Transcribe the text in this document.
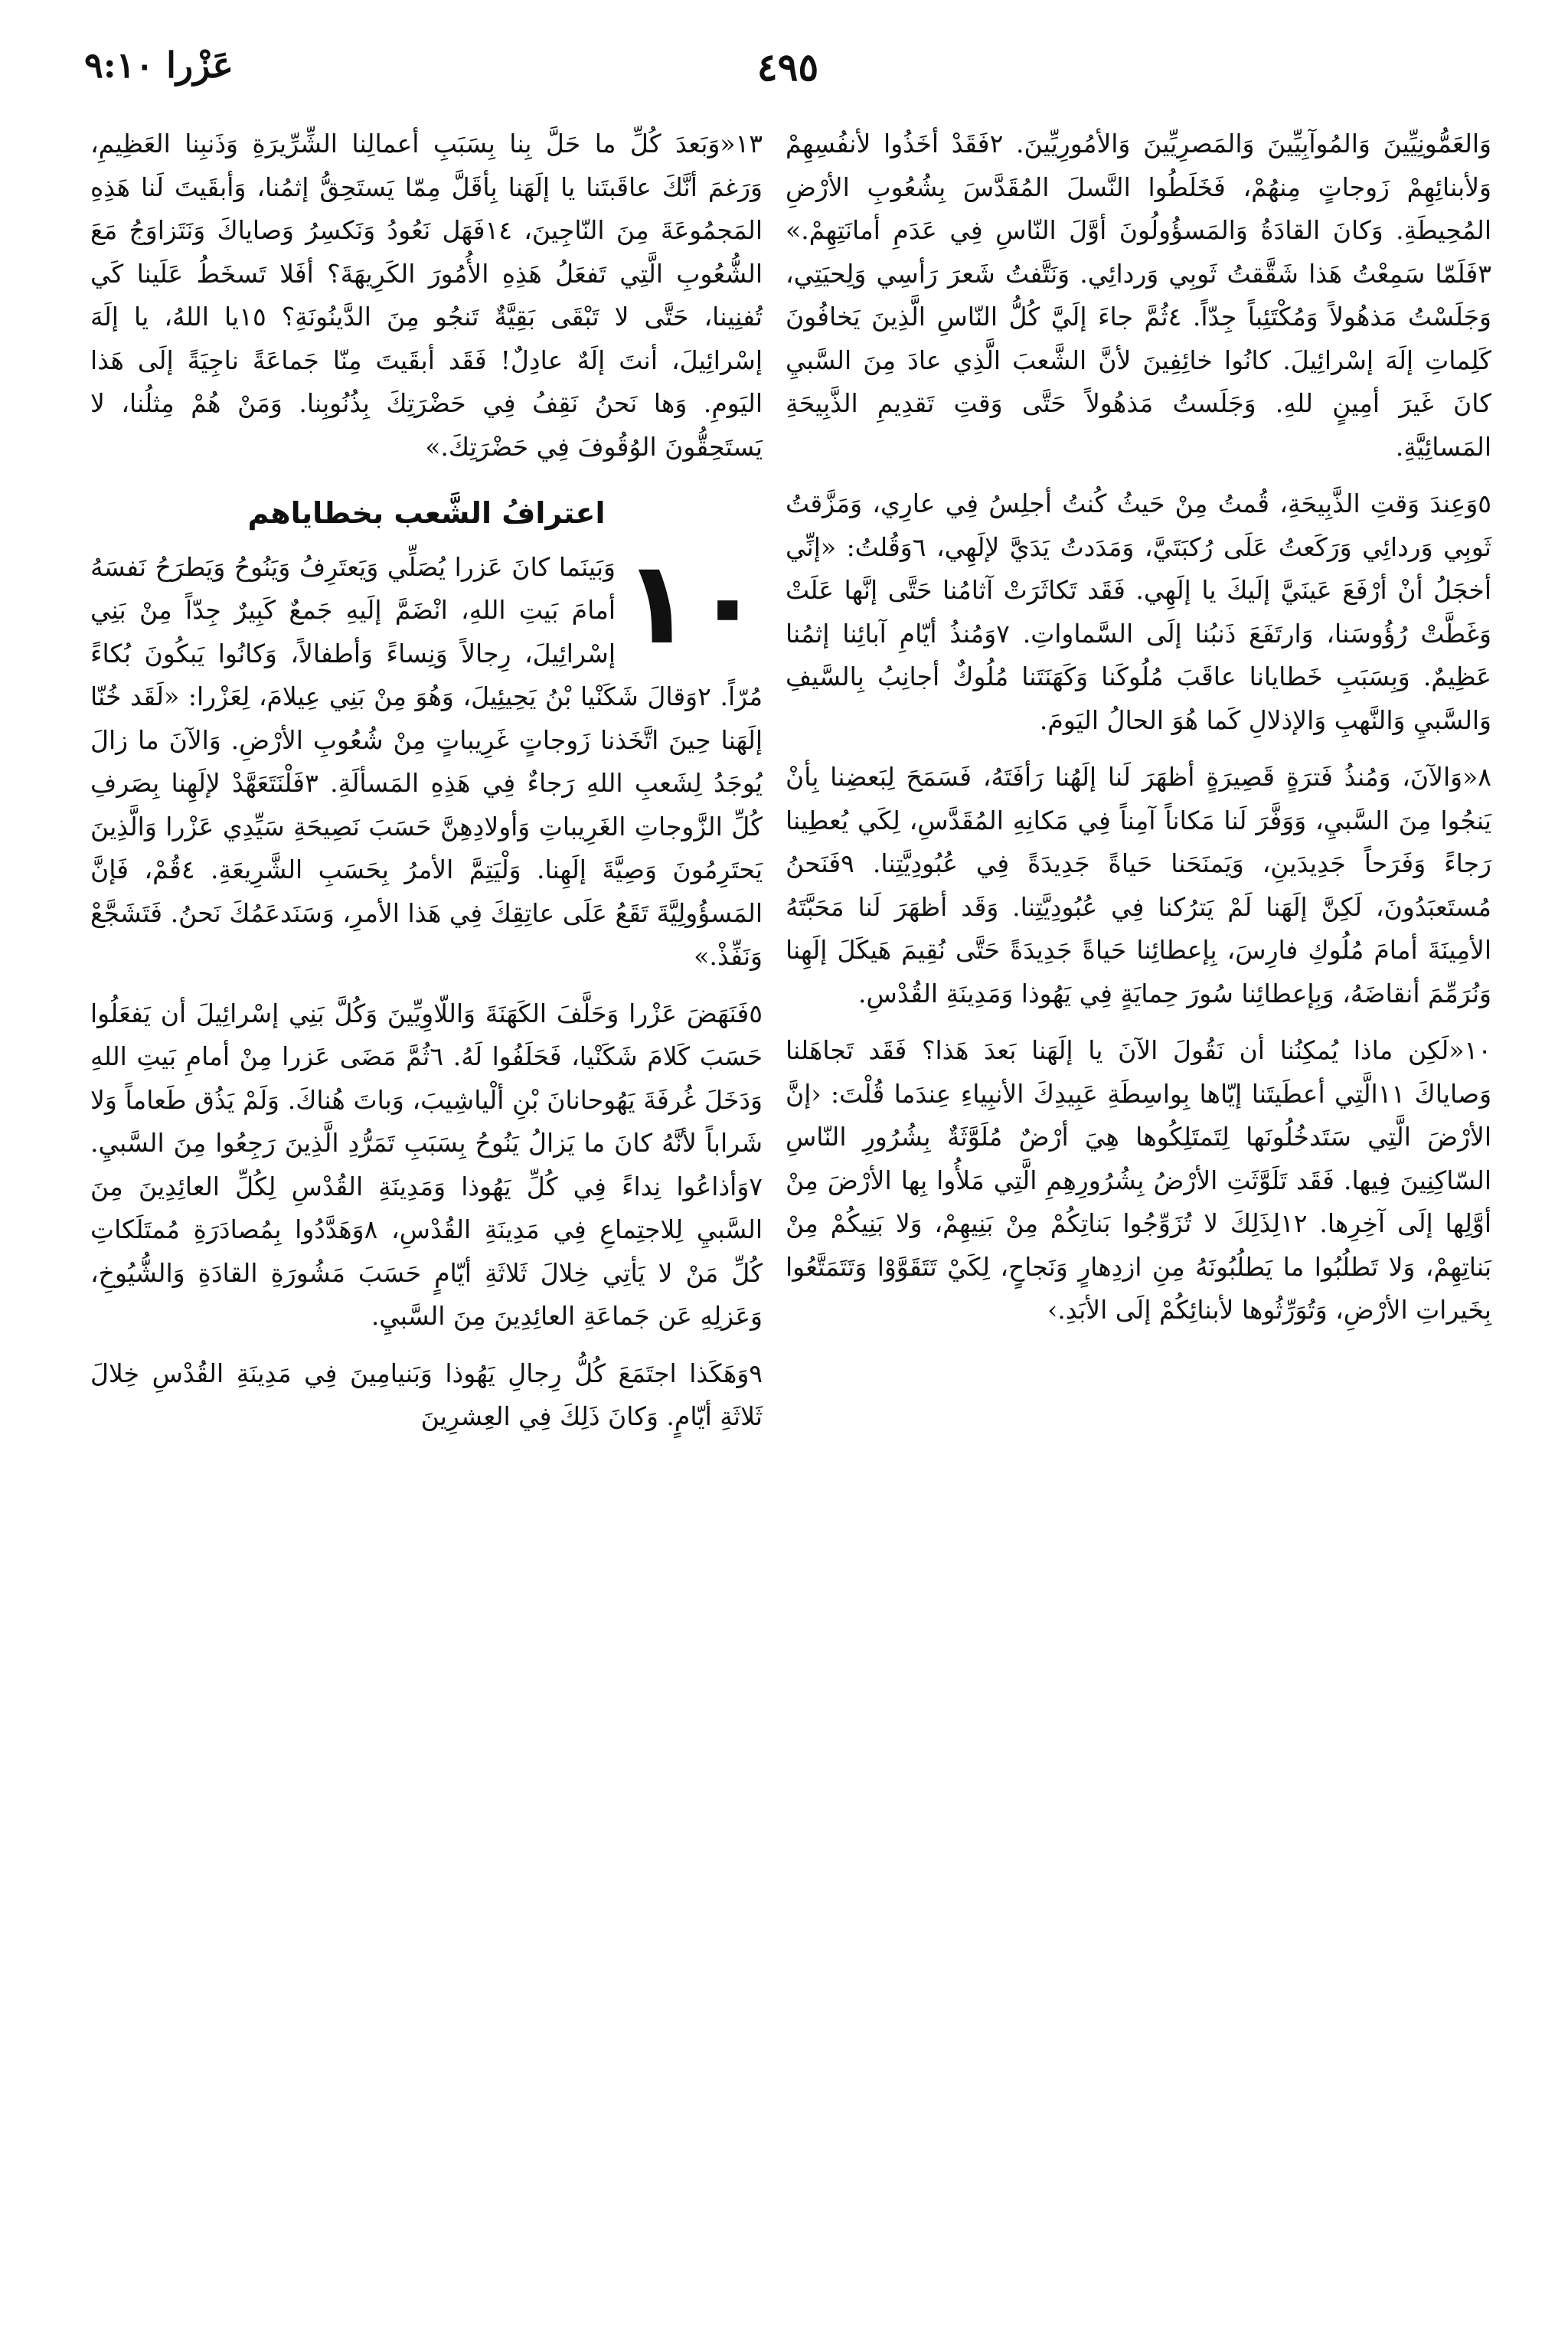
عَزْرا ٩:١٠	٤٩٥

وَالعَمُّونِيِّينَ وَالمُوآبِيِّينَ وَالمَصرِيِّينَ وَالأمُورِيِّينَ. ٢فَقَدْ أخَذُوا لأنفُسِهِمْ وَلأبنائِهِمْ زَوجاتٍ مِنهُمْ، فَخَلَطُوا النَّسلَ المُقَدَّسَ بِشُعُوبِ الأرْضِ المُحِيطَةِ. وَكانَ القادَةُ وَالمَسؤُولُونَ أوَّلَ النّاسِ فِي عَدَمِ أمانَتِهِمْ.» ٣فَلَمّا سَمِعْتُ هَذا شَقَّقتُ ثَوبِي وَردائِي. وَنَتَّفتُ شَعرَ رَأسِي وَلِحيَتِي، وَجَلَسْتُ مَذهُولاً وَمُكْتَئِباً جِدّاً. ٤ثُمَّ جاءَ إلَيَّ كُلُّ النّاسِ الَّذِينَ يَخافُونَ كَلِماتِ إلَهَ إسْرائِيلَ. كانُوا خائِفِينَ لأنَّ الشَّعبَ الَّذِي عادَ مِنَ السَّبيِ كانَ غَيرَ أمِينٍ للهِ. وَجَلَستُ مَذهُولاً حَتَّى وَقتِ تَقدِيمِ الذَّبِيحَةِ المَسائِيَّةِ.

٥وَعِندَ وَقتِ الذَّبِيحَةِ، قُمتُ مِنْ حَيثُ كُنتُ أجلِسُ فِي عارِي، وَمَزَّقتُ ثَوبِي وَردائِي وَرَكَعتُ عَلَى رُكبَتَيَّ، وَمَدَدتُ يَدَيَّ لإلَهِي، ٦وَقُلتُ: «إنِّي أخجَلُ أنْ أرْفَعَ عَينَيَّ إلَيكَ يا إلَهِي. فَقَد تَكاثَرَتْ آثامُنا حَتَّى إنَّها عَلَتْ وَغَطَّتْ رُؤُوسَنا، وَارتَفَعَ ذَنبُنا إلَى السَّماواتِ. ٧وَمُنذُ أيّامِ آبائِنا إثمُنا عَظِيمٌ. وَبِسَبَبِ خَطايانا عاقَبَ مُلُوكَنا وَكَهَنَتَنا مُلُوكٌ أجانِبُ بِالسَّيفِ وَالسَّبيِ وَالنَّهبِ وَالإذلالِ كَما هُوَ الحالُ اليَومَ.

٨«وَالآنَ، وَمُنذُ فَترَةٍ قَصِيرَةٍ أظهَرَ لَنا إلَهُنا رَأفَتَهُ، فَسَمَحَ لِبَعضِنا بِأنْ يَنجُوا مِنَ السَّبيِ، وَوَفَّرَ لَنا مَكاناً آمِناً فِي مَكانِهِ المُقَدَّسِ، لِكَي يُعطِينا رَجاءً وَفَرَحاً جَدِيدَينِ، وَيَمنَحَنا حَياةً جَدِيدَةً فِي عُبُودِيَّتِنا. ٩فَنَحنُ مُستَعبَدُونَ، لَكِنَّ إلَهَنا لَمْ يَترُكنا فِي عُبُودِيَّتِنا. وَقَد أظهَرَ لَنا مَحَبَّتَهُ الأمِينَةَ أمامَ مُلُوكِ فارِسَ، بِإعطائِنا حَياةً جَدِيدَةً حَتَّى نُقِيمَ هَيكَلَ إلَهِنا وَنُرَمِّمَ أنقاضَهُ، وَبِإعطائِنا سُورَ حِمايَةٍ فِي يَهُوذا وَمَدِينَةِ القُدْسِ.

١٠«لَكِن ماذا يُمكِنُنا أن نَقُولَ الآنَ يا إلَهَنا بَعدَ هَذا؟ فَقَد تَجاهَلنا وَصاياكَ ١١الَّتِي أعطَيتَنا إيّاها بِواسِطَةِ عَبِيدِكَ الأنبِياءِ عِندَما قُلْتَ: ‹إنَّ الأرْضَ الَّتِي سَتَدخُلُونَها لِتَمتَلِكُوها هِيَ أرْضٌ مُلَوَّثَةٌ بِشُرُورِ النّاسِ السّاكِنِينَ فِيها. فَقَد تَلَوَّثَتِ الأرْضُ بِشُرُورِهِمِ الَّتِي مَلأُوا بِها الأرْضَ مِنْ أوَّلِها إلَى آخِرِها. ١٢لِذَلِكَ لا تُزَوِّجُوا بَناتِكُمْ مِنْ بَنِيهِمْ، وَلا بَنِيكُمْ مِنْ بَناتِهِمْ، وَلا تَطلُبُوا ما يَطلُبُونَهُ مِنِ ازدِهارٍ وَنَجاحٍ، لِكَيْ تَتَقَوَّوْا وَتَتَمَتَّعُوا بِخَيراتِ الأرْضِ، وَتُوَرِّثُوها لأبنائِكُمْ إلَى الأبَدِ.›

١٣«وَبَعدَ كُلِّ ما حَلَّ بِنا بِسَبَبِ أعمالِنا الشِّرِّيرَةِ وَذَنبِنا العَظِيمِ، وَرَغمَ أنَّكَ عاقَبتَنا يا إلَهَنا بِأقَلَّ مِمّا يَستَحِقُّ إثمُنا، وَأبقَيتَ لَنا هَذِهِ المَجمُوعَةَ مِنَ النّاجِينَ، ١٤فَهَل نَعُودُ وَنَكسِرُ وَصاياكَ وَنَتَزاوَجُ مَعَ الشُّعُوبِ الَّتِي تَفعَلُ هَذِهِ الأُمُورَ الكَرِيهَةَ؟ أفَلا تَسخَطُ عَلَينا كَي تُفنِينا، حَتَّى لا تَبْقَى بَقِيَّةٌ تَنجُو مِنَ الدَّينُونَةِ؟ ١٥يا اللهُ، يا إلَهَ إسْرائِيلَ، أنتَ إلَهٌ عادِلٌ! فَقَد أبقَيتَ مِنّا جَماعَةً ناجِيَةً إلَى هَذا اليَومِ. وَها نَحنُ نَقِفُ فِي حَضْرَتِكَ بِذُنُوبِنا. وَمَنْ هُمْ مِثلُنا، لا يَستَحِقُّونَ الوُقُوفَ فِي حَضْرَتِكَ.»

اعترافُ الشَّعب بخطاياهم
١٠

وَبَينَما كانَ عَزرا يُصَلِّي وَيَعتَرِفُ وَيَنُوحُ وَيَطرَحُ نَفسَهُ أمامَ بَيتِ اللهِ، انْضَمَّ إلَيهِ جَمعٌ كَبِيرٌ جِدّاً مِنْ بَنِي إسْرائِيلَ، رِجالاً وَنِساءً وَأطفالاً، وَكانُوا يَبكُونَ بُكاءً مُرّاً. ٢وَقالَ شَكَنْيا بْنُ يَحِيئِيلَ، وَهُوَ مِنْ بَنِي عِيلامَ، لِعَزْرا: «لَقَد خُنّا إلَهَنا حِينَ اتَّخَذنا زَوجاتٍ غَرِيباتٍ مِنْ شُعُوبِ الأرْضِ. وَالآنَ ما زالَ يُوجَدُ لِشَعبِ اللهِ رَجاءٌ فِي هَذِهِ المَسألَةِ. ٣فَلْنَتَعَهَّدْ لإلَهِنا بِصَرفِ كُلِّ الزَّوجاتِ الغَرِيباتِ وَأولادِهِنَّ حَسَبَ نَصِيحَةِ سَيِّدِي عَزْرا وَالَّذِينَ يَحتَرِمُونَ وَصِيَّةَ إلَهِنا. وَلْيَتِمَّ الأمرُ بِحَسَبِ الشَّرِيعَةِ. ٤قُمْ، فَإنَّ المَسؤُولِيَّةَ تَقَعُ عَلَى عاتِقِكَ فِي هَذا الأمرِ، وَسَنَدعَمُكَ نَحنُ. فَتَشَجَّعْ وَنَفِّذْ.»

٥فَنَهَضَ عَزْرا وَحَلَّفَ الكَهَنَةَ وَاللّاوِيِّينَ وَكُلَّ بَنِي إسْرائِيلَ أن يَفعَلُوا حَسَبَ كَلامَ شَكَنْيا، فَحَلَفُوا لَهُ. ٦ثُمَّ مَضَى عَزرا مِنْ أمامِ بَيتِ اللهِ وَدَخَلَ غُرفَةَ يَهُوحانانَ بْنِ ألْياشِيبَ، وَباتَ هُناكَ. وَلَمْ يَذُق طَعاماً وَلا شَراباً لأنَّهُ كانَ ما يَزالُ يَنُوحُ بِسَبَبِ تَمَرُّدِ الَّذِينَ رَجِعُوا مِنَ السَّبيِ. ٧وَأذاعُوا نِداءً فِي كُلِّ يَهُوذا وَمَدِينَةِ القُدْسِ لِكُلِّ العائِدِينَ مِنَ السَّبيِ لِلاجتِماعِ فِي مَدِينَةِ القُدْسِ، ٨وَهَدَّدُوا بِمُصادَرَةِ مُمتَلَكاتِ كُلِّ مَنْ لا يَأتِي خِلالَ ثَلاثَةِ أيّامٍ حَسَبَ مَشُورَةِ القادَةِ وَالشُّيُوخِ، وَعَزلِهِ عَن جَماعَةِ العائِدِينَ مِنَ السَّبيِ.

٩وَهَكَذا اجتَمَعَ كُلُّ رِجالِ يَهُوذا وَبَنيامِينَ فِي مَدِينَةِ القُدْسِ خِلالَ ثَلاثَةِ أيّامٍ. وَكانَ ذَلِكَ فِي العِشرِينَ
